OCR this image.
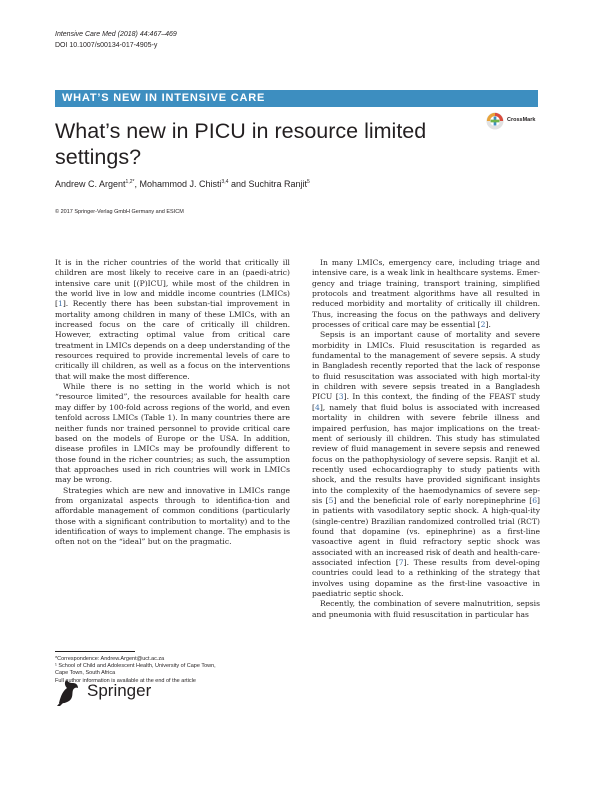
Intensive Care Med (2018) 44:467–469
DOI 10.1007/s00134-017-4905-y
WHAT’S NEW IN INTENSIVE CARE
What’s new in PICU in resource limited settings?
CrossMark
Andrew C. Argent$^{1,2*}$, Mohammod J. Chisti$^{3,4}$ and Suchitra Ranjit$^5$
© 2017 Springer-Verlag GmbH Germany and ESICM

It is in the richer countries of the world that critically ill children are most likely to receive care in an (paedi-atric) intensive care unit [(P)ICU], while most of the children in the world live in low and middle income countries (LMICs) [1]. Recently there has been substan-tial improvement in mortality among children in many of these LMICs, with an increased focus on the care of critically ill children. However, extracting optimal value from critical care treatment in LMICs depends on a deep understanding of the resources required to provide incremental levels of care to critically ill children, as well as a focus on the interventions that will make the most difference.

While there is no setting in the world which is not “resource limited”, the resources available for health care may differ by 100-fold across regions of the world, and even tenfold across LMICs (Table 1). In many countries there are neither funds nor trained personnel to provide critical care based on the models of Europe or the USA. In addition, disease profiles in LMICs may be profoundly different to those found in the richer countries; as such, the assumption that approaches used in rich countries will work in LMICs may be wrong.

Strategies which are new and innovative in LMICs range from organizatal aspects through to identifica-tion and affordable management of common conditions (particularly those with a significant contribution to mortality) and to the identification of ways to implement change. The emphasis is often not on the “ideal” but on the pragmatic.

In many LMICs, emergency care, including triage and intensive care, is a weak link in healthcare systems. Emer-gency and triage training, transport training, simplified protocols and treatment algorithms have all resulted in reduced morbidity and mortality of critically ill children. Thus, increasing the focus on the pathways and delivery processes of critical care may be essential [2].

Sepsis is an important cause of mortality and severe morbidity in LMICs. Fluid resuscitation is regarded as fundamental to the management of severe sepsis. A study in Bangladesh recently reported that the lack of response to fluid resuscitation was associated with high mortal-ity in children with severe sepsis treated in a Bangladesh PICU [3]. In this context, the finding of the FEAST study [4], namely that fluid bolus is associated with increased mortality in children with severe febrile illness and impaired perfusion, has major implications on the treat-ment of seriously ill children. This study has stimulated review of fluid management in severe sepsis and renewed focus on the pathophysiology of severe sepsis. Ranjit et al. recently used echocardiography to study patients with shock, and the results have provided significant insights into the complexity of the haemodynamics of severe sep-sis [5] and the beneficial role of early norepinephrine [6] in patients with vasodilatory septic shock. A high-qual-ity (single-centre) Brazilian randomized controlled trial (RCT) found that dopamine (vs. epinephrine) as a first-line vasoactive agent in fluid refractory septic shock was associated with an increased risk of death and health-care-associated infection [7]. These results from devel-oping countries could lead to a rethinking of the strategy that involves using dopamine as the first-line vasoactive in paediatric septic shock.

Recently, the combination of severe malnutrition, sepsis and pneumonia with fluid resuscitation in particular has

*Correspondence: Andrew.Argent@uct.ac.za
¹ School of Child and Adolescent Health, University of Cape Town,
Cape Town, South Africa
Full author information is available at the end of the article
Springer
